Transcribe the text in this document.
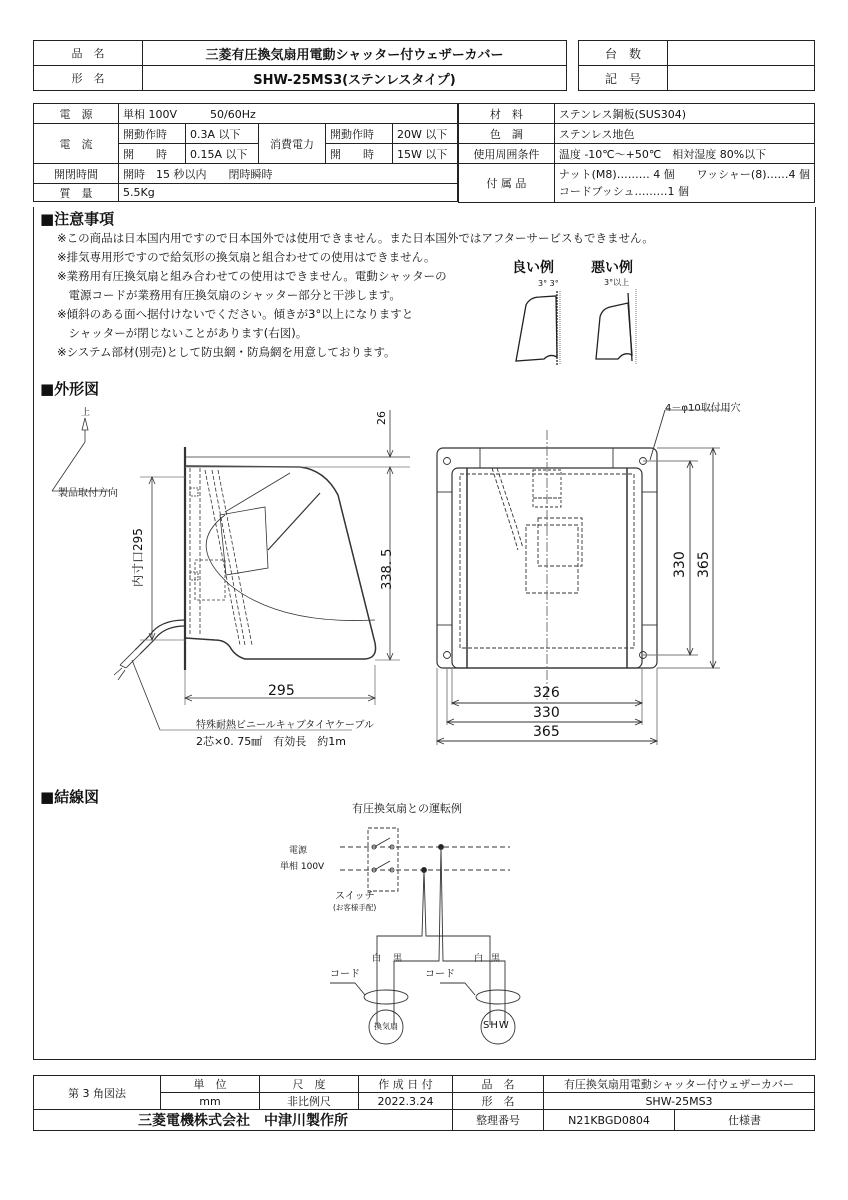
品　名	三菱有圧換気扇用電動シャッター付ウェザーカバー
形　名	SHW-25MS3(ステンレスタイプ)
台　数	
記　号	
電　源	単相 100V　　　50/60Hz				
電　流	開動作時	0.3A 以下	消費電力	開動作時	20W 以下
	開　　時	0.15A 以下		開　　時	15W 以下
開閉時間	開時　15 秒以内　　閉時瞬時				
質　量	5.5Kg				
材　料	ステンレス鋼板(SUS304)
色　調	ステンレス地色
使用周囲条件	温度 -10℃～+50℃　相対湿度 80%以下
付 属 品	ナット(M8)……… 4 個　　ワッシャー(8)……4 個
コードブッシュ………1 個
■注意事項
※この商品は日本国内用ですので日本国外では使用できません。また日本国外ではアフターサービスもできません。
※排気専用形ですので給気形の換気扇と組合わせての使用はできません。
※業務用有圧換気扇と組み合わせての使用はできません。電動シャッターの
　電源コードが業務用有圧換気扇のシャッター部分と干渉します。
※傾斜のある面へ据付けないでください。傾きが3°以上になりますと
　シャッターが閉じないことがあります(右図)。
※システム部材(別売)として防虫網・防鳥網を用意しております。
良い例	悪い例
3° 3°	3°以上
■外形図
上
製品取付方向
26
内寸口295	338. 5
295
特殊耐熱ビニールキャブタイヤケーブル
2芯×0. 75㎟　有効長　約1m
4－φ10取付用穴
326
330
365
330 365
■結線図
有圧換気扇との運転例
電源
単相 100V
スイッチ
(お客様手配)
白 黒	白 黒
コード	コード
換気扇	SHW
第 3 角図法	単　位	尺　度	作 成 日 付	品　名	有圧換気扇用電動シャッター付ウェザーカバー	
	mm	非比例尺	2022.3.24	形　名	SHW-25MS3	
三菱電機株式会社　中津川製作所				整理番号	N21KBGD0804	仕様書
